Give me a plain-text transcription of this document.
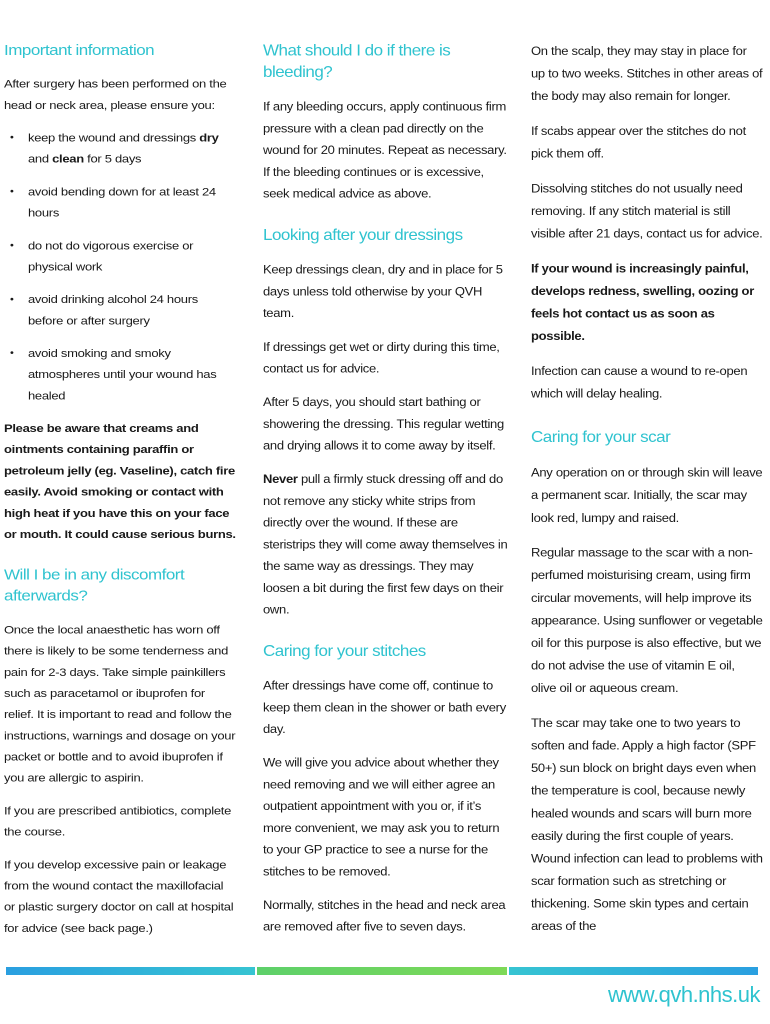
Important information

After surgery has been performed on the head or neck area, please ensure you:

• keep the wound and dressings dry and clean for 5 days
• avoid bending down for at least 24 hours
• do not do vigorous exercise or physical work
• avoid drinking alcohol 24 hours before or after surgery
• avoid smoking and smoky atmospheres until your wound has healed

Please be aware that creams and ointments containing paraffin or petroleum jelly (eg. Vaseline), catch fire easily. Avoid smoking or contact with high heat if you have this on your face or mouth. It could cause serious burns.

Will I be in any discomfort afterwards?

Once the local anaesthetic has worn off there is likely to be some tenderness and pain for 2-3 days. Take simple painkillers such as paracetamol or ibuprofen for relief. It is important to read and follow the instructions, warnings and dosage on your packet or bottle and to avoid ibuprofen if you are allergic to aspirin.

If you are prescribed antibiotics, complete the course.

If you develop excessive pain or leakage from the wound contact the maxillofacial or plastic surgery doctor on call at hospital for advice (see back page.)

What should I do if there is bleeding?

If any bleeding occurs, apply continuous firm pressure with a clean pad directly on the wound for 20 minutes. Repeat as necessary. If the bleeding continues or is excessive, seek medical advice as above.

Looking after your dressings

Keep dressings clean, dry and in place for 5 days unless told otherwise by your QVH team.

If dressings get wet or dirty during this time, contact us for advice.

After 5 days, you should start bathing or showering the dressing. This regular wetting and drying allows it to come away by itself.

Never pull a firmly stuck dressing off and do not remove any sticky white strips from directly over the wound. If these are steristrips they will come away themselves in the same way as dressings. They may loosen a bit during the first few days on their own.

Caring for your stitches

After dressings have come off, continue to keep them clean in the shower or bath every day.

We will give you advice about whether they need removing and we will either agree an outpatient appointment with you or, if it’s more convenient, we may ask you to return to your GP practice to see a nurse for the stitches to be removed.

Normally, stitches in the head and neck area are removed after five to seven days.

On the scalp, they may stay in place for up to two weeks. Stitches in other areas of the body may also remain for longer.

If scabs appear over the stitches do not pick them off.

Dissolving stitches do not usually need removing. If any stitch material is still visible after 21 days, contact us for advice.

If your wound is increasingly painful, develops redness, swelling, oozing or feels hot contact us as soon as possible.

Infection can cause a wound to re-open which will delay healing.

Caring for your scar

Any operation on or through skin will leave a permanent scar. Initially, the scar may look red, lumpy and raised.

Regular massage to the scar with a non-perfumed moisturising cream, using firm circular movements, will help improve its appearance. Using sunflower or vegetable oil for this purpose is also effective, but we do not advise the use of vitamin E oil, olive oil or aqueous cream.

The scar may take one to two years to soften and fade. Apply a high factor (SPF 50+) sun block on bright days even when the temperature is cool, because newly healed wounds and scars will burn more easily during the first couple of years. Wound infection can lead to problems with scar formation such as stretching or thickening. Some skin types and certain areas of the

www.qvh.nhs.uk
